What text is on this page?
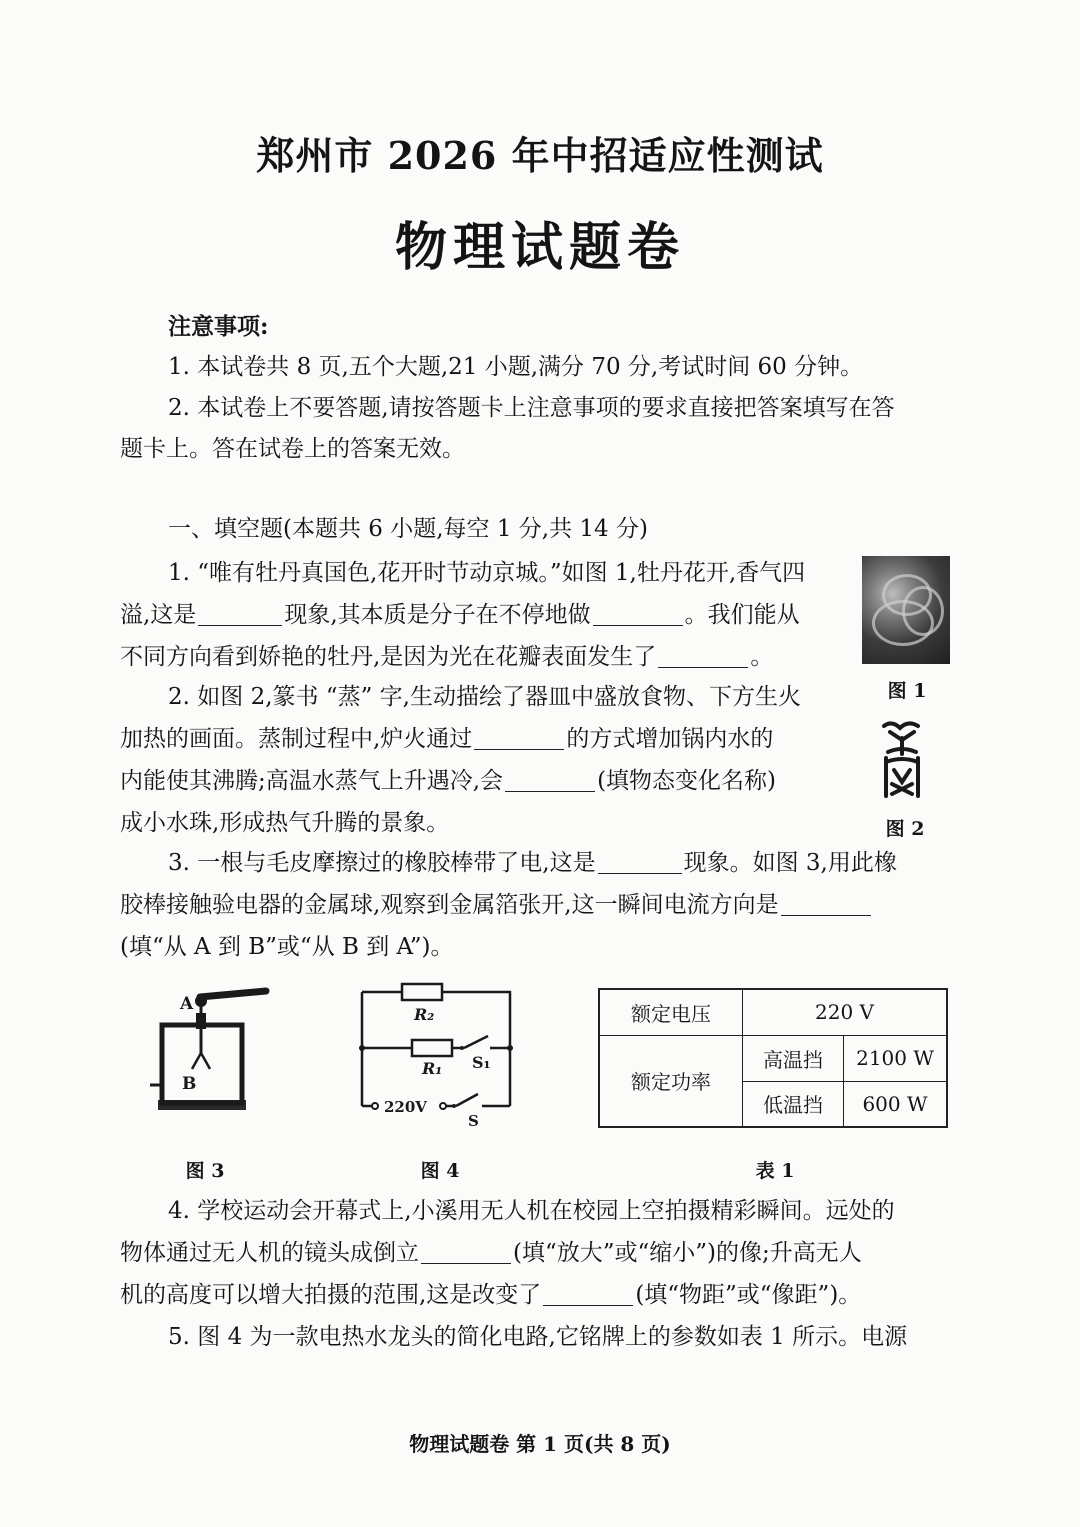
郑州市 2026 年中招适应性测试
物理试题卷
注意事项:
1. 本试卷共 8 页,五个大题,21 小题,满分 70 分,考试时间 60 分钟。
2. 本试卷上不要答题,请按答题卡上注意事项的要求直接把答案填写在答
题卡上。答在试卷上的答案无效。
一、填空题(本题共 6 小题,每空 1 分,共 14 分)
1. “唯有牡丹真国色,花开时节动京城。”如图 1,牡丹花开,香气四
溢,这是	现象,其本质是分子在不停地做	。我们能从
不同方向看到娇艳的牡丹,是因为光在花瓣表面发生了	。
图 1
2. 如图 2,篆书 “蒸” 字,生动描绘了器皿中盛放食物、下方生火
加热的画面。蒸制过程中,炉火通过	的方式增加锅内水的
内能使其沸腾;高温水蒸气上升遇冷,会	(填物态变化名称)
成小水珠,形成热气升腾的景象。	图 2
3. 一根与毛皮摩擦过的橡胶棒带了电,这是	现象。如图 3,用此橡
胶棒接触验电器的金属球,观察到金属箔张开,这一瞬间电流方向是
(填“从 A 到 B”或“从 B 到 A”)。
A
B
图 3
R₂
R₁ S₁
220V
S
图 4
额定电压	220 V	
额定功率	高温挡	2100 W
	低温挡	600 W
表 1
4. 学校运动会开幕式上,小溪用无人机在校园上空拍摄精彩瞬间。远处的
物体通过无人机的镜头成倒立	(填“放大”或“缩小”)的像;升高无人
机的高度可以增大拍摄的范围,这是改变了	(填“物距”或“像距”)。
5. 图 4 为一款电热水龙头的简化电路,它铭牌上的参数如表 1 所示。电源
物理试题卷 第 1 页(共 8 页)
